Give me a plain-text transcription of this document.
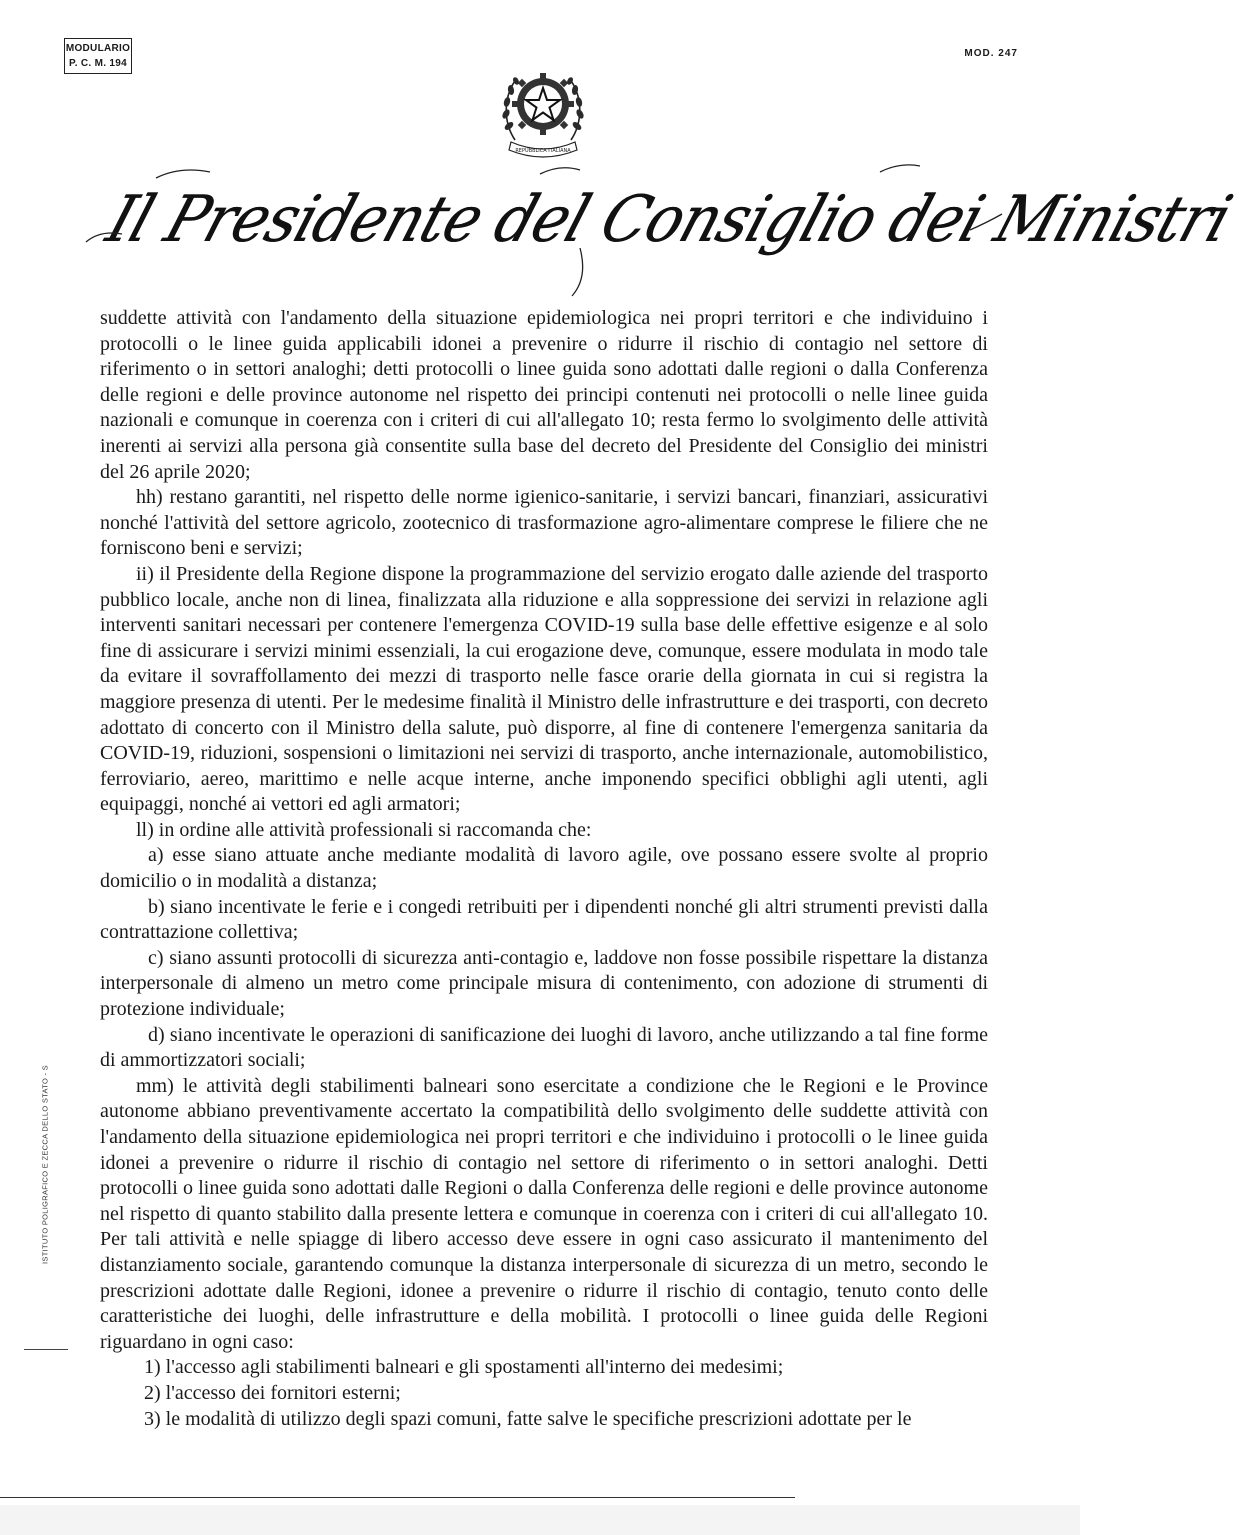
MODULARIO
P. C. M. 194
MOD. 247
REPUBBLICA ITALIANA
Il Presidente del Consiglio dei Ministri

suddette attività con l'andamento della situazione epidemiologica nei propri territori e che individuino i protocolli o le linee guida applicabili idonei a prevenire o ridurre il rischio di contagio nel settore di riferimento o in settori analoghi; detti protocolli o linee guida sono adottati dalle regioni o dalla Conferenza delle regioni e delle province autonome nel rispetto dei principi contenuti nei protocolli o nelle linee guida nazionali e comunque in coerenza con i criteri di cui all'allegato 10; resta fermo lo svolgimento delle attività inerenti ai servizi alla persona già consentite sulla base del decreto del Presidente del Consiglio dei ministri del 26 aprile 2020;

hh) restano garantiti, nel rispetto delle norme igienico-sanitarie, i servizi bancari, finanziari, assicurativi nonché l'attività del settore agricolo, zootecnico di trasformazione agro-alimentare comprese le filiere che ne forniscono beni e servizi;

ii) il Presidente della Regione dispone la programmazione del servizio erogato dalle aziende del trasporto pubblico locale, anche non di linea, finalizzata alla riduzione e alla soppressione dei servizi in relazione agli interventi sanitari necessari per contenere l'emergenza COVID-19 sulla base delle effettive esigenze e al solo fine di assicurare i servizi minimi essenziali, la cui erogazione deve, comunque, essere modulata in modo tale da evitare il sovraffollamento dei mezzi di trasporto nelle fasce orarie della giornata in cui si registra la maggiore presenza di utenti. Per le medesime finalità il Ministro delle infrastrutture e dei trasporti, con decreto adottato di concerto con il Ministro della salute, può disporre, al fine di contenere l'emergenza sanitaria da COVID-19, riduzioni, sospensioni o limitazioni nei servizi di trasporto, anche internazionale, automobilistico, ferroviario, aereo, marittimo e nelle acque interne, anche imponendo specifici obblighi agli utenti, agli equipaggi, nonché ai vettori ed agli armatori;

ll) in ordine alle attività professionali si raccomanda che:

a) esse siano attuate anche mediante modalità di lavoro agile, ove possano essere svolte al proprio domicilio o in modalità a distanza;

b) siano incentivate le ferie e i congedi retribuiti per i dipendenti nonché gli altri strumenti previsti dalla contrattazione collettiva;

c) siano assunti protocolli di sicurezza anti-contagio e, laddove non fosse possibile rispettare la distanza interpersonale di almeno un metro come principale misura di contenimento, con adozione di strumenti di protezione individuale;

d) siano incentivate le operazioni di sanificazione dei luoghi di lavoro, anche utilizzando a tal fine forme di ammortizzatori sociali;

mm) le attività degli stabilimenti balneari sono esercitate a condizione che le Regioni e le Province autonome abbiano preventivamente accertato la compatibilità dello svolgimento delle suddette attività con l'andamento della situazione epidemiologica nei propri territori e che individuino i protocolli o le linee guida idonei a prevenire o ridurre il rischio di contagio nel settore di riferimento o in settori analoghi. Detti protocolli o linee guida sono adottati dalle Regioni o dalla Conferenza delle regioni e delle province autonome nel rispetto di quanto stabilito dalla presente lettera e comunque in coerenza con i criteri di cui all'allegato 10. Per tali attività e nelle spiagge di libero accesso deve essere in ogni caso assicurato il mantenimento del distanziamento sociale, garantendo comunque la distanza interpersonale di sicurezza di un metro, secondo le prescrizioni adottate dalle Regioni, idonee a prevenire o ridurre il rischio di contagio, tenuto conto delle caratteristiche dei luoghi, delle infrastrutture e della mobilità. I protocolli o linee guida delle Regioni riguardano in ogni caso:

1) l'accesso agli stabilimenti balneari e gli spostamenti all'interno dei medesimi;

2) l'accesso dei fornitori esterni;

3) le modalità di utilizzo degli spazi comuni, fatte salve le specifiche prescrizioni adottate per le

ISTITUTO POLIGRAFICO E ZECCA DELLO STATO - S
